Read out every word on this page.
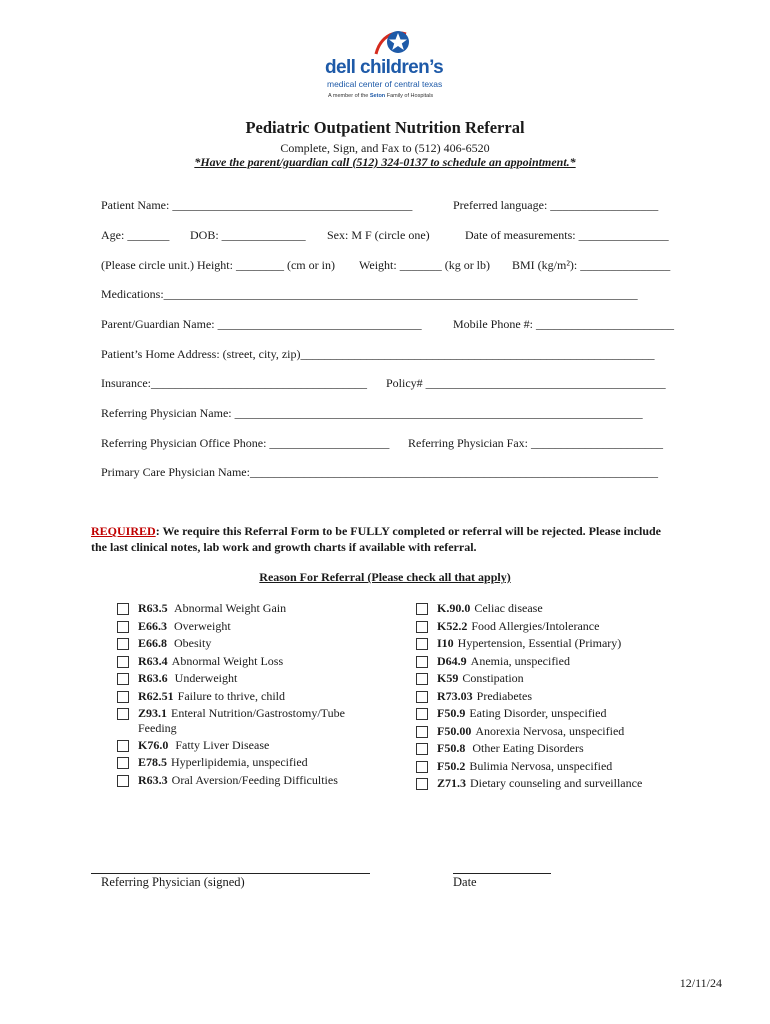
dell children’s
medical center of central texas
A member of the Seton Family of Hospitals
Pediatric Outpatient Nutrition Referral
Complete, Sign, and Fax to (512) 406-6520
*Have the parent/guardian call (512) 324-0137 to schedule an appointment.*
Patient Name: ________________________________________	Preferred language: __________________
Age: _______ DOB: ______________ Sex: M F (circle one)	Date of measurements: _______________
(Please circle unit.) Height: ________ (cm or in) Weight: _______ (kg or lb) BMI (kg/m²): _______________
Medications:_______________________________________________________________________________
Parent/Guardian Name: __________________________________	Mobile Phone #: _______________________
Patient’s Home Address: (street, city, zip)___________________________________________________________
Insurance:____________________________________ Policy# ________________________________________
Referring Physician Name: ____________________________________________________________________
Referring Physician Office Phone: ____________________ Referring Physician Fax: ______________________
Primary Care Physician Name:____________________________________________________________________
REQUIRED: We require this Referral Form to be FULLY completed or referral will be rejected. Please include the last clinical notes, lab work and growth charts if available with referral.
Reason For Referral (Please check all that apply)
R63.5 Abnormal Weight Gain
E66.3 Overweight
E66.8 Obesity
R63.4 Abnormal Weight Loss
R63.6 Underweight
R62.51 Failure to thrive, child
Z93.1 Enteral Nutrition/Gastrostomy/Tube Feeding
K76.0 Fatty Liver Disease
E78.5 Hyperlipidemia, unspecified
R63.3 Oral Aversion/Feeding Difficulties
K.90.0 Celiac disease
K52.2 Food Allergies/Intolerance
I10 Hypertension, Essential (Primary)
D64.9 Anemia, unspecified
K59 Constipation
R73.03 Prediabetes
F50.9 Eating Disorder, unspecified
F50.00 Anorexia Nervosa, unspecified
F50.8 Other Eating Disorders
F50.2 Bulimia Nervosa, unspecified
Z71.3 Dietary counseling and surveillance
Referring Physician (signed)	Date
12/11/24
